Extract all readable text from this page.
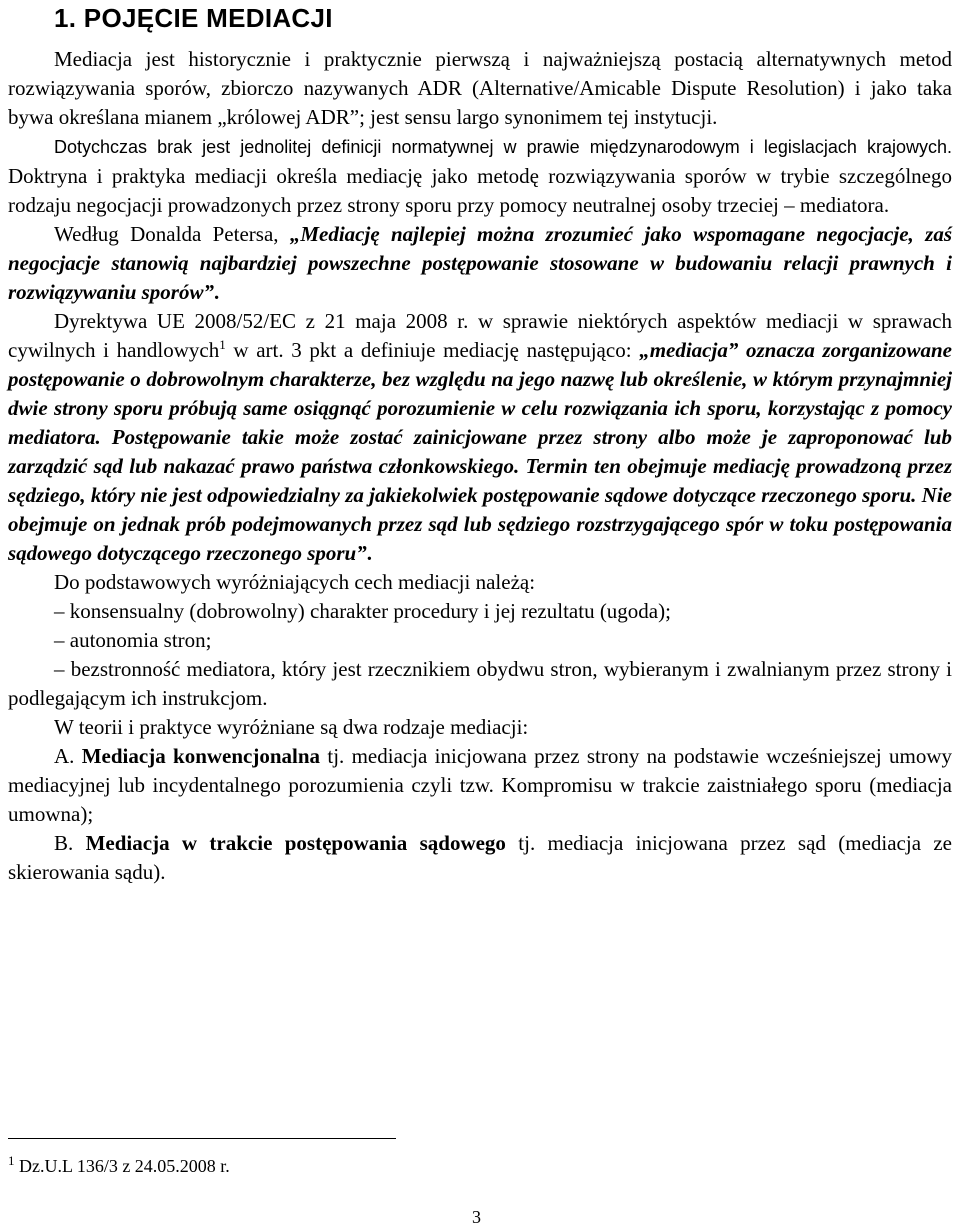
1. POJĘCIE MEDIACJI

Mediacja jest historycznie i praktycznie pierwszą i najważniejszą postacią alternatywnych metod rozwiązywania sporów, zbiorczo nazywanych ADR (Alternative/Amicable Dispute Resolution) i jako taka bywa określana mianem „królowej ADR”; jest sensu largo synonimem tej instytucji.

Dotychczas brak jest jednolitej definicji normatywnej w prawie międzynarodowym i legislacjach krajowych. Doktryna i praktyka mediacji określa mediację jako metodę rozwiązywania sporów w trybie szczególnego rodzaju negocjacji prowadzonych przez strony sporu przy pomocy neutralnej osoby trzeciej – mediatora.

Według Donalda Petersa, „Mediację najlepiej można zrozumieć jako wspomagane negocjacje, zaś negocjacje stanowią najbardziej powszechne postępowanie stosowane w budowaniu relacji prawnych i rozwiązywaniu sporów”.

Dyrektywa UE 2008/52/EC z 21 maja 2008 r. w sprawie niektórych aspektów mediacji w sprawach cywilnych i handlowych$^1$ w art. 3 pkt a definiuje mediację następująco: „mediacja” oznacza zorganizowane postępowanie o dobrowolnym charakterze, bez względu na jego nazwę lub określenie, w którym przynajmniej dwie strony sporu próbują same osiągnąć porozumienie w celu rozwiązania ich sporu, korzystając z pomocy mediatora. Postępowanie takie może zostać zainicjowane przez strony albo może je zaproponować lub zarządzić sąd lub nakazać prawo państwa członkowskiego. Termin ten obejmuje mediację prowadzoną przez sędziego, który nie jest odpowiedzialny za jakiekolwiek postępowanie sądowe dotyczące rzeczonego sporu. Nie obejmuje on jednak prób podejmowanych przez sąd lub sędziego rozstrzygającego spór w toku postępowania sądowego dotyczącego rzeczonego sporu”.

Do podstawowych wyróżniających cech mediacji należą:

– konsensualny (dobrowolny) charakter procedury i jej rezultatu (ugoda);

– autonomia stron;

– bezstronność mediatora, który jest rzecznikiem obydwu stron, wybieranym i zwalnianym przez strony i podlegającym ich instrukcjom.

W teorii i praktyce wyróżniane są dwa rodzaje mediacji:

A. Mediacja konwencjonalna tj. mediacja inicjowana przez strony na podstawie wcześniejszej umowy mediacyjnej lub incydentalnego porozumienia czyli tzw. Kompromisu w trakcie zaistniałego sporu (mediacja umowna);

B. Mediacja w trakcie postępowania sądowego tj. mediacja inicjowana przez sąd (mediacja ze skierowania sądu).

$^1$ Dz.U.L 136/3 z 24.05.2008 r.
3
